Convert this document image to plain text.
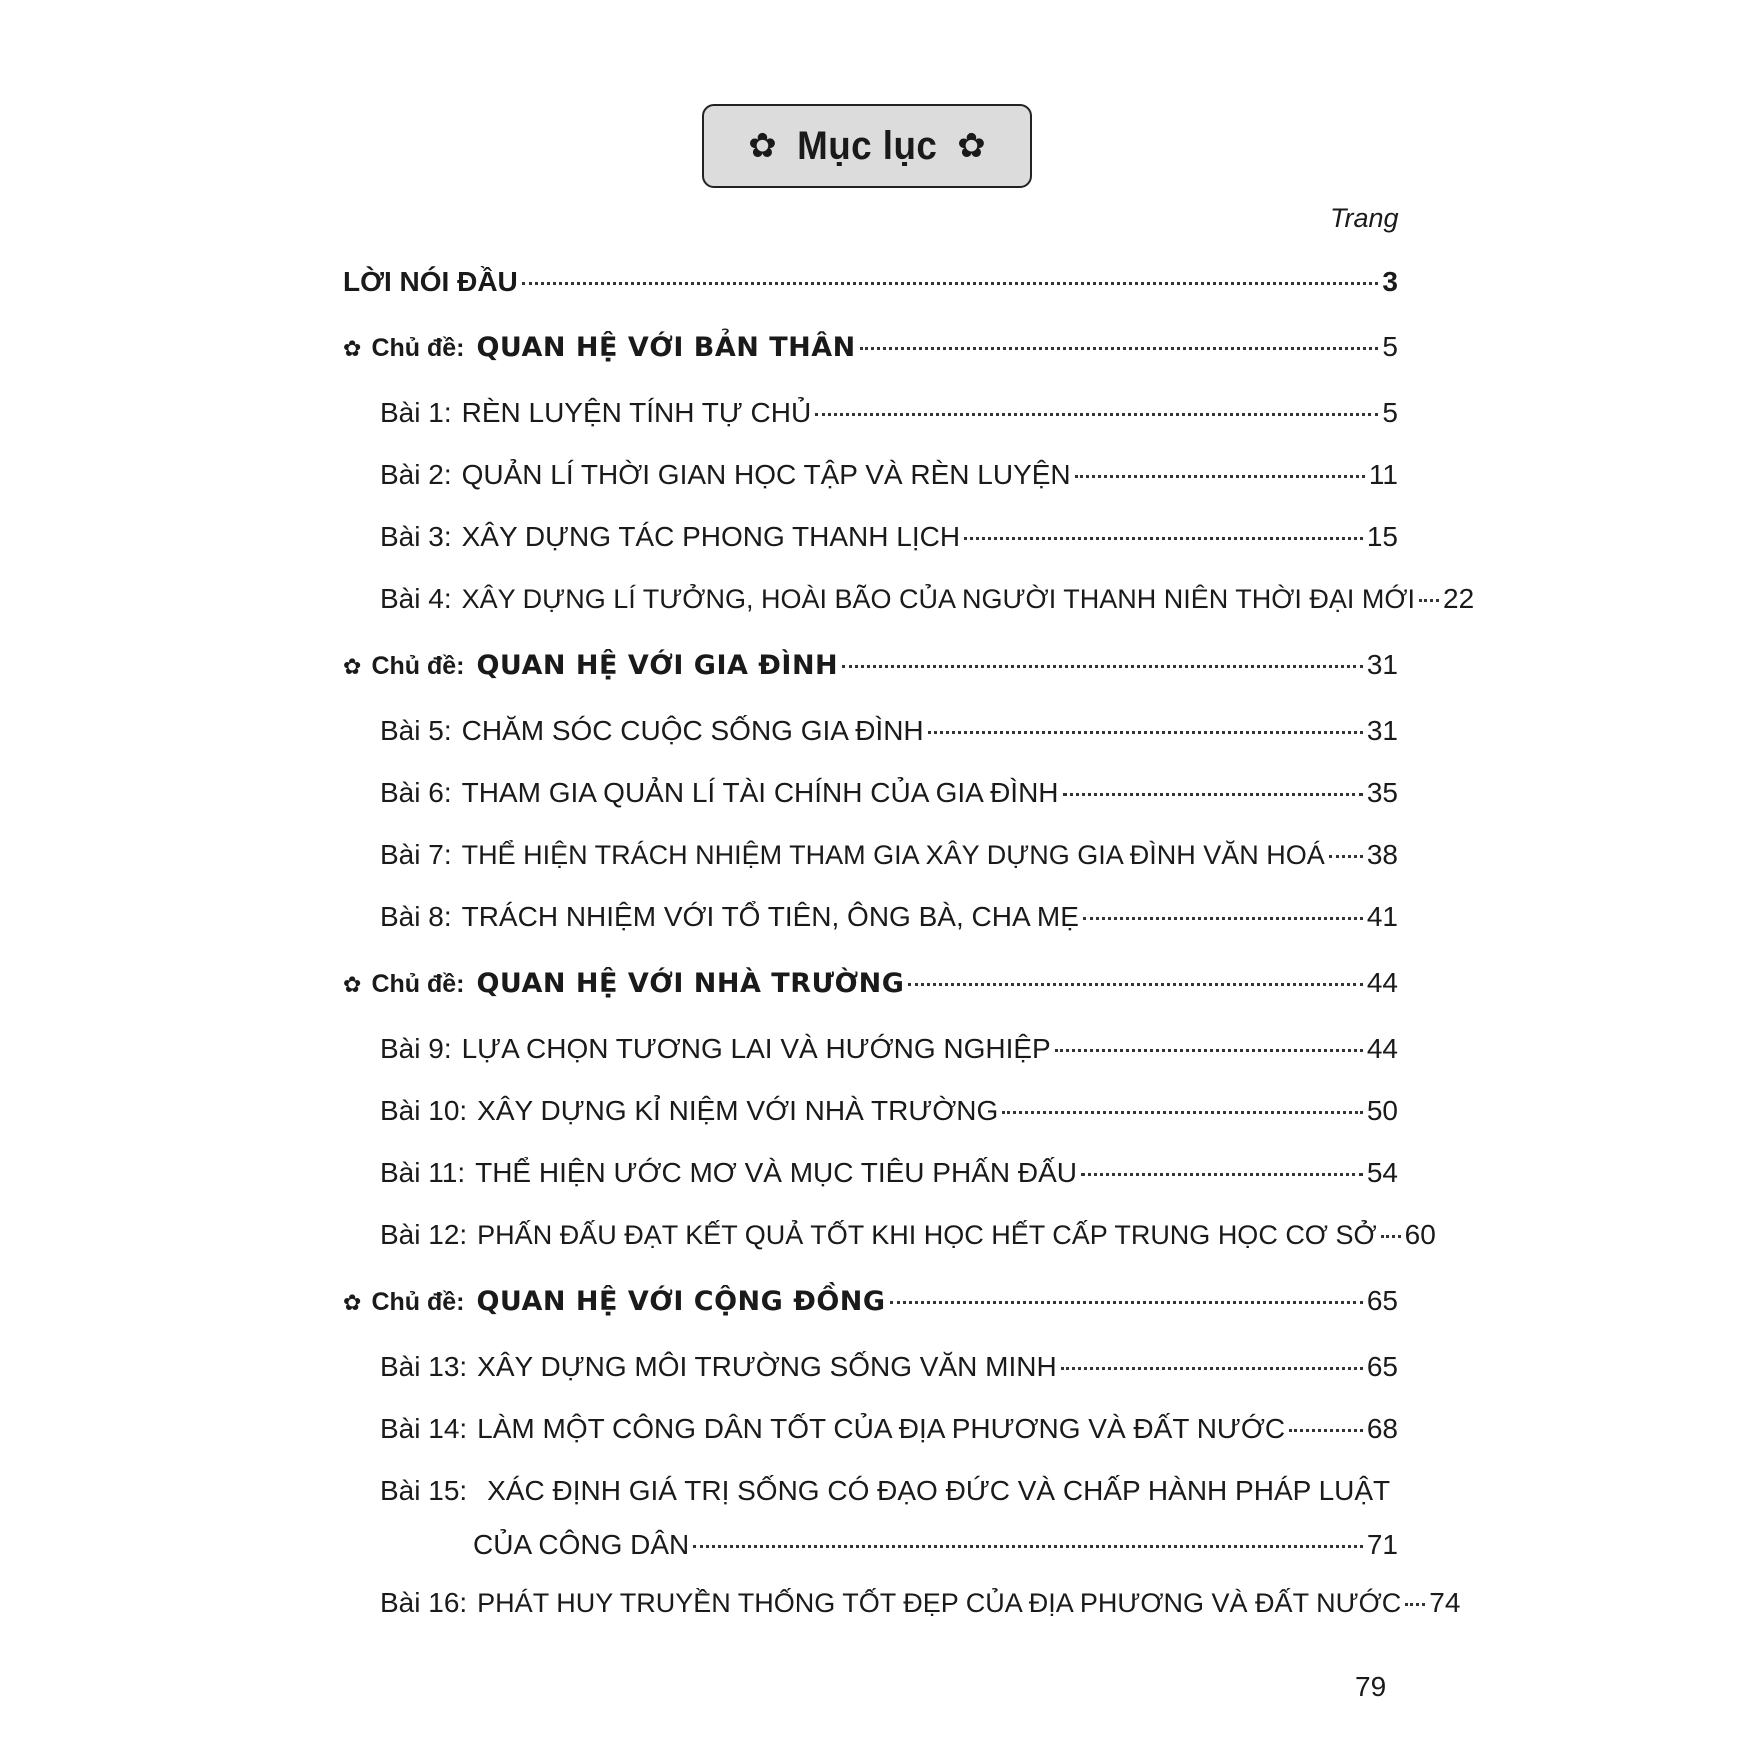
✿ Mục lục ✿
Trang
LỜI NÓI ĐẦU	3
✿ Chủ đề: QUAN HỆ VỚI BẢN THÂN	5
Bài 1: RÈN LUYỆN TÍNH TỰ CHỦ	5
Bài 2: QUẢN LÍ THỜI GIAN HỌC TẬP VÀ RÈN LUYỆN	11
Bài 3: XÂY DỰNG TÁC PHONG THANH LỊCH	15
Bài 4: XÂY DỰNG LÍ TƯỞNG, HOÀI BÃO CỦA NGƯỜI THANH NIÊN THỜI ĐẠI MỚI 22
✿ Chủ đề: QUAN HỆ VỚI GIA ĐÌNH	31
Bài 5: CHĂM SÓC CUỘC SỐNG GIA ĐÌNH	31
Bài 6: THAM GIA QUẢN LÍ TÀI CHÍNH CỦA GIA ĐÌNH	35
Bài 7: THỂ HIỆN TRÁCH NHIỆM THAM GIA XÂY DỰNG GIA ĐÌNH VĂN HOÁ 38
Bài 8: TRÁCH NHIỆM VỚI TỔ TIÊN, ÔNG BÀ, CHA MẸ	41
✿ Chủ đề: QUAN HỆ VỚI NHÀ TRƯỜNG	44
Bài 9: LỰA CHỌN TƯƠNG LAI VÀ HƯỚNG NGHIỆP	44
Bài 10: XÂY DỰNG KỈ NIỆM VỚI NHÀ TRƯỜNG	50
Bài 11: THỂ HIỆN ƯỚC MƠ VÀ MỤC TIÊU PHẤN ĐẤU	54
Bài 12: PHẤN ĐẤU ĐẠT KẾT QUẢ TỐT KHI HỌC HẾT CẤP TRUNG HỌC CƠ SỞ 60
✿ Chủ đề: QUAN HỆ VỚI CỘNG ĐỒNG	65
Bài 13: XÂY DỰNG MÔI TRƯỜNG SỐNG VĂN MINH	65
Bài 14: LÀM MỘT CÔNG DÂN TỐT CỦA ĐỊA PHƯƠNG VÀ ĐẤT NƯỚC	68
Bài 15: XÁC ĐỊNH GIÁ TRỊ SỐNG CÓ ĐẠO ĐỨC VÀ CHẤP HÀNH PHÁP LUẬT
CỦA CÔNG DÂN	71
Bài 16: PHÁT HUY TRUYỀN THỐNG TỐT ĐẸP CỦA ĐỊA PHƯƠNG VÀ ĐẤT NƯỚC 74
79
